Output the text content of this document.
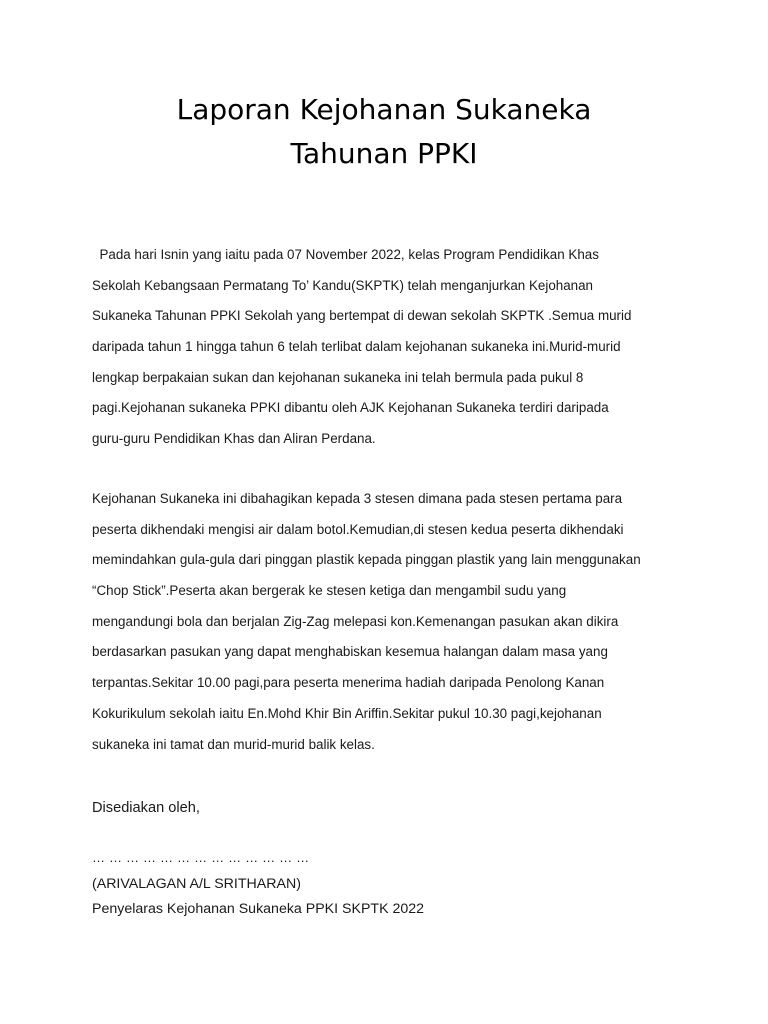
Laporan Kejohanan Sukaneka
Tahunan PPKI
Pada hari Isnin yang iaitu pada 07 November 2022, kelas Program Pendidikan Khas
Sekolah Kebangsaan Permatang To’ Kandu(SKPTK) telah menganjurkan Kejohanan
Sukaneka Tahunan PPKI Sekolah yang bertempat di dewan sekolah SKPTK .Semua murid
daripada tahun 1 hingga tahun 6 telah terlibat dalam kejohanan sukaneka ini.Murid-murid
lengkap berpakaian sukan dan kejohanan sukaneka ini telah bermula pada pukul 8
pagi.Kejohanan sukaneka PPKI dibantu oleh AJK Kejohanan Sukaneka terdiri daripada
guru-guru Pendidikan Khas dan Aliran Perdana.
Kejohanan Sukaneka ini dibahagikan kepada 3 stesen dimana pada stesen pertama para
peserta dikhendaki mengisi air dalam botol.Kemudian,di stesen kedua peserta dikhendaki
memindahkan gula-gula dari pinggan plastik kepada pinggan plastik yang lain menggunakan
“Chop Stick”.Peserta akan bergerak ke stesen ketiga dan mengambil sudu yang
mengandungi bola dan berjalan Zig-Zag melepasi kon.Kemenangan pasukan akan dikira
berdasarkan pasukan yang dapat menghabiskan kesemua halangan dalam masa yang
terpantas.Sekitar 10.00 pagi,para peserta menerima hadiah daripada Penolong Kanan
Kokurikulum sekolah iaitu En.Mohd Khir Bin Ariffin.Sekitar pukul 10.30 pagi,kejohanan
sukaneka ini tamat dan murid-murid balik kelas.
Disediakan oleh,
… … … … … … … … … … … … …
(ARIVALAGAN A/L SRITHARAN)
Penyelaras Kejohanan Sukaneka PPKI SKPTK 2022
